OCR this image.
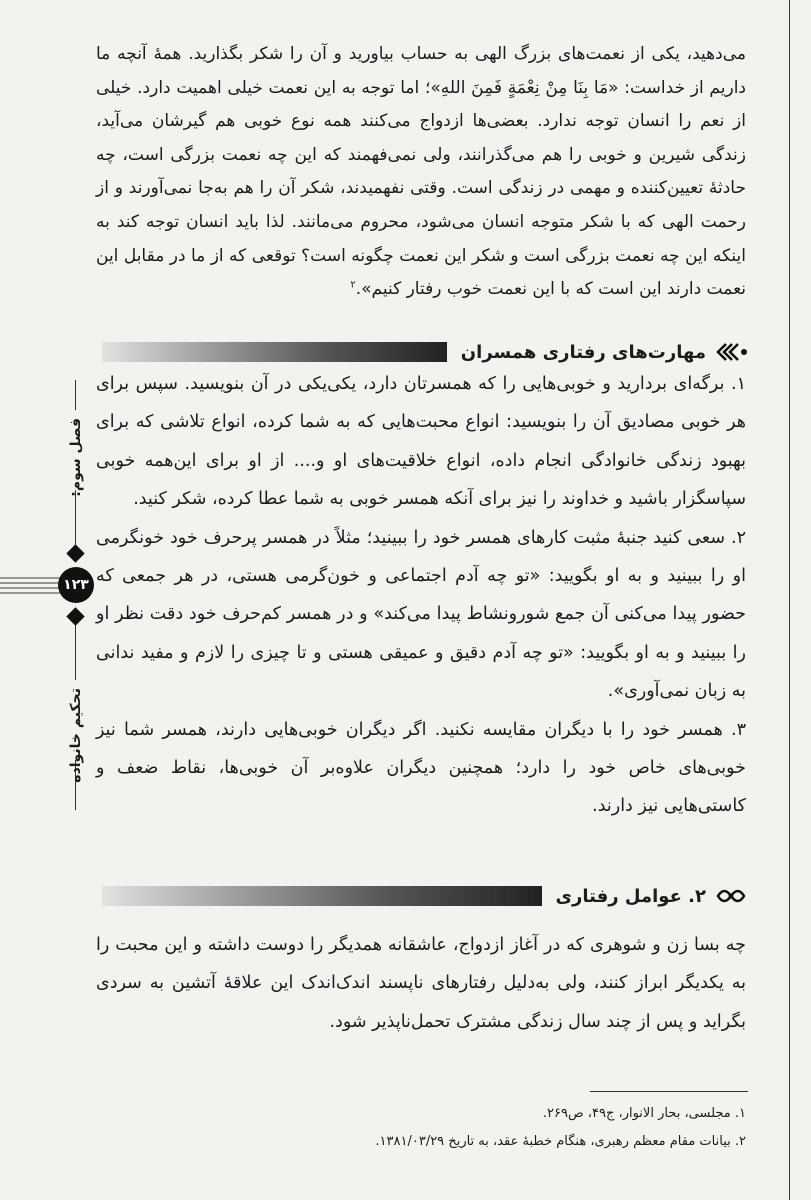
می‌دهید، یکی از نعمت‌های بزرگ الهی به حساب بیاورید و آن را شکر بگذارید. همهٔ آنچه ما داریم از خداست: «مَا بِنَا مِنْ نِعْمَةٍ فَمِنَ اللهِ»؛ اما توجه به این نعمت خیلی اهمیت دارد. خیلی از نعم را انسان توجه ندارد. بعضی‌ها ازدواج می‌کنند همه نوع خوبی هم گیرشان می‌آید، زندگی شیرین و خوبی را هم می‌گذرانند، ولی نمی‌فهمند که این چه نعمت بزرگی است، چه حادثهٔ تعیین‌کننده و مهمی در زندگی است. وقتی نفهمیدند، شکر آن را هم به‌جا نمی‌آورند و از رحمت الهی که با شکر متوجه انسان می‌شود، محروم می‌مانند. لذا باید انسان توجه کند به اینکه این چه نعمت بزرگی است و شکر این نعمت چگونه است؟ توقعی که از ما در مقابل این نعمت دارند این است که با این نعمت خوب رفتار کنیم».$^۲$

مهارت‌های رفتاری همسران

۱. برگه‌ای بردارید و خوبی‌هایی را که همسرتان دارد، یکی‌یکی در آن بنویسید. سپس برای هر خوبی مصادیق آن را بنویسید: انواع محبت‌هایی که به شما کرده، انواع تلاشی که برای بهبود زندگی خانوادگی انجام داده، انواع خلاقیت‌های او و.... از او برای این‌همه خوبی سپاسگزار باشید و خداوند را نیز برای آنکه همسر خوبی به شما عطا کرده، شکر کنید.

۲. سعی کنید جنبهٔ مثبت کارهای همسر خود را ببینید؛ مثلاً در همسر پرحرف خود خونگرمی او را ببینید و به او بگویید: «تو چه آدم اجتماعی و خون‌گرمی هستی، در هر جمعی که حضور پیدا می‌کنی آن جمع شورونشاط پیدا می‌کند» و در همسر کم‌حرف خود دقت نظر او را ببینید و به او بگویید: «تو چه آدم دقیق و عمیقی هستی و تا چیزی را لازم و مفید ندانی به زبان نمی‌آوری».

۳. همسر خود را با دیگران مقایسه نکنید. اگر دیگران خوبی‌هایی دارند، همسر شما نیز خوبی‌های خاص خود را دارد؛ همچنین دیگران علاوه‌بر آن خوبی‌ها، نقاط ضعف و کاستی‌هایی نیز دارند.

۲. عوامل رفتاری

چه بسا زن و شوهری که در آغاز ازدواج، عاشقانه همدیگر را دوست داشته و این محبت را به یکدیگر ابراز کنند، ولی به‌دلیل رفتارهای ناپسند اندک‌اندک این علاقهٔ آتشین به سردی بگراید و پس از چند سال زندگی مشترک تحمل‌ناپذیر شود.

۱. مجلسی، بحار الانوار، ج۴۹، ص۲۶۹.
۲. بیانات مقام معظم رهبری، هنگام خطبهٔ عقد، به تاریخ ۱۳۸۱/۰۳/۲۹.
فصل سوم:
۱۲۳
تحکیم خانواده
